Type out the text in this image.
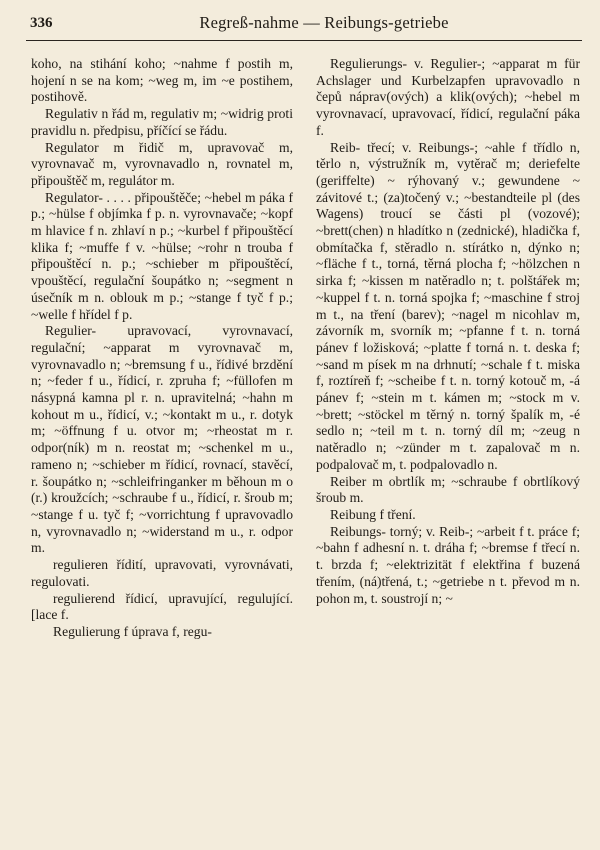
336	Regreß-nahme — Reibungs-getriebe

koho, na stihání koho; ~nahme f postih m, hojení n se na kom; ~weg m, im ~e postihem, postihově.

Regulativ n řád m, regulativ m; ~widrig proti pravidlu n. předpisu, příčící se řádu.

Regulator m řidič m, upravovač m, vyrovnavač m, vyrovnavadlo n, rovnatel m, připouštěč m, regulátor m.

Regulator- . . . . připouštěče; ~hebel m páka f p.; ~hülse f objímka f p. n. vyrovnavače; ~kopf m hlavice f n. zhlaví n p.; ~kurbel f připouštěcí klika f; ~muffe f v. ~hülse; ~rohr n trouba f připouštěcí n. p.; ~schieber m připouštěcí, vpouštěcí, regulační šoupátko n; ~segment n úsečník m n. oblouk m p.; ~stange f tyč f p.; ~welle f hřídel f p.

Regulier- upravovací, vyrovnavací, regulační; ~apparat m vyrovnavač m, vyrovnavadlo n; ~bremsung f u., řídivé brzdění n; ~feder f u., řídicí, r. zpruha f; ~füllofen m násypná kamna pl r. n. upravitelná; ~hahn m kohout m u., řídicí, v.; ~kontakt m u., r. dotyk m; ~öffnung f u. otvor m; ~rheostat m r. odpor(ník) m n. reostat m; ~schenkel m u., rameno n; ~schieber m řídicí, rovnací, stavěcí, r. šoupátko n; ~schleifringanker m běhoun m o (r.) kroužcích; ~schraube f u., řídicí, r. šroub m; ~stange f u. tyč f; ~vorrichtung f upravovadlo n, vyrovnavadlo n; ~widerstand m u., r. odpor m.

regulieren řídití, upravovati, vyrovnávati, regulovati.

regulierend řídicí, upravující, regulující. [lace f.

Regulierung f úprava f, regu-

Regulierungs- v. Regulier-; ~apparat m für Achslager und Kurbelzapfen upravovadlo n čepů náprav(ových) a klik(ových); ~hebel m vyrovnavací, upravovací, řídicí, regulační páka f.

Reib- třecí; v. Reibungs-; ~ahle f třídlo n, těrlo n, výstružník m, vytěrač m; deriefelte (geriffelte) ~ rýhovaný v.; gewundene ~ závitové t.; (za)točený v.; ~bestandteile pl (des Wagens) troucí se části pl (vozové); ~brett(chen) n hladítko n (zednické), hladička f, obmítačka f, stěradlo n. stírátko n, dýnko n; ~fläche f t., torná, těrná plocha f; ~hölzchen n sirka f; ~kissen m natěradlo n; t. polštářek m; ~kuppel f t. n. torná spojka f; ~maschine f stroj m t., na tření (barev); ~nagel m nicohlav m, závorník m, svorník m; ~pfanne f t. n. torná pánev f ložisková; ~platte f torná n. t. deska f; ~sand m písek m na drhnutí; ~schale f t. miska f, roztíreň f; ~scheibe f t. n. torný kotouč m, -á pánev f; ~stein m t. kámen m; ~stock m v. ~brett; ~stöckel m těrný n. torný špalík m, -é sedlo n; ~teil m t. n. torný díl m; ~zeug n natěradlo n; ~zünder m t. zapalovač m n. podpalovač m, t. podpalovadlo n.

Reiber m obrtlík m; ~schraube f obrtlíkový šroub m.

Reibung f tření.

Reibungs- torný; v. Reib-; ~arbeit f t. práce f; ~bahn f adhesní n. t. dráha f; ~bremse f třecí n. t. brzda f; ~elektrizität f elektřina f buzená třením, (ná)třená, t.; ~getriebe n t. převod m n. pohon m, t. soustrojí n; ~
